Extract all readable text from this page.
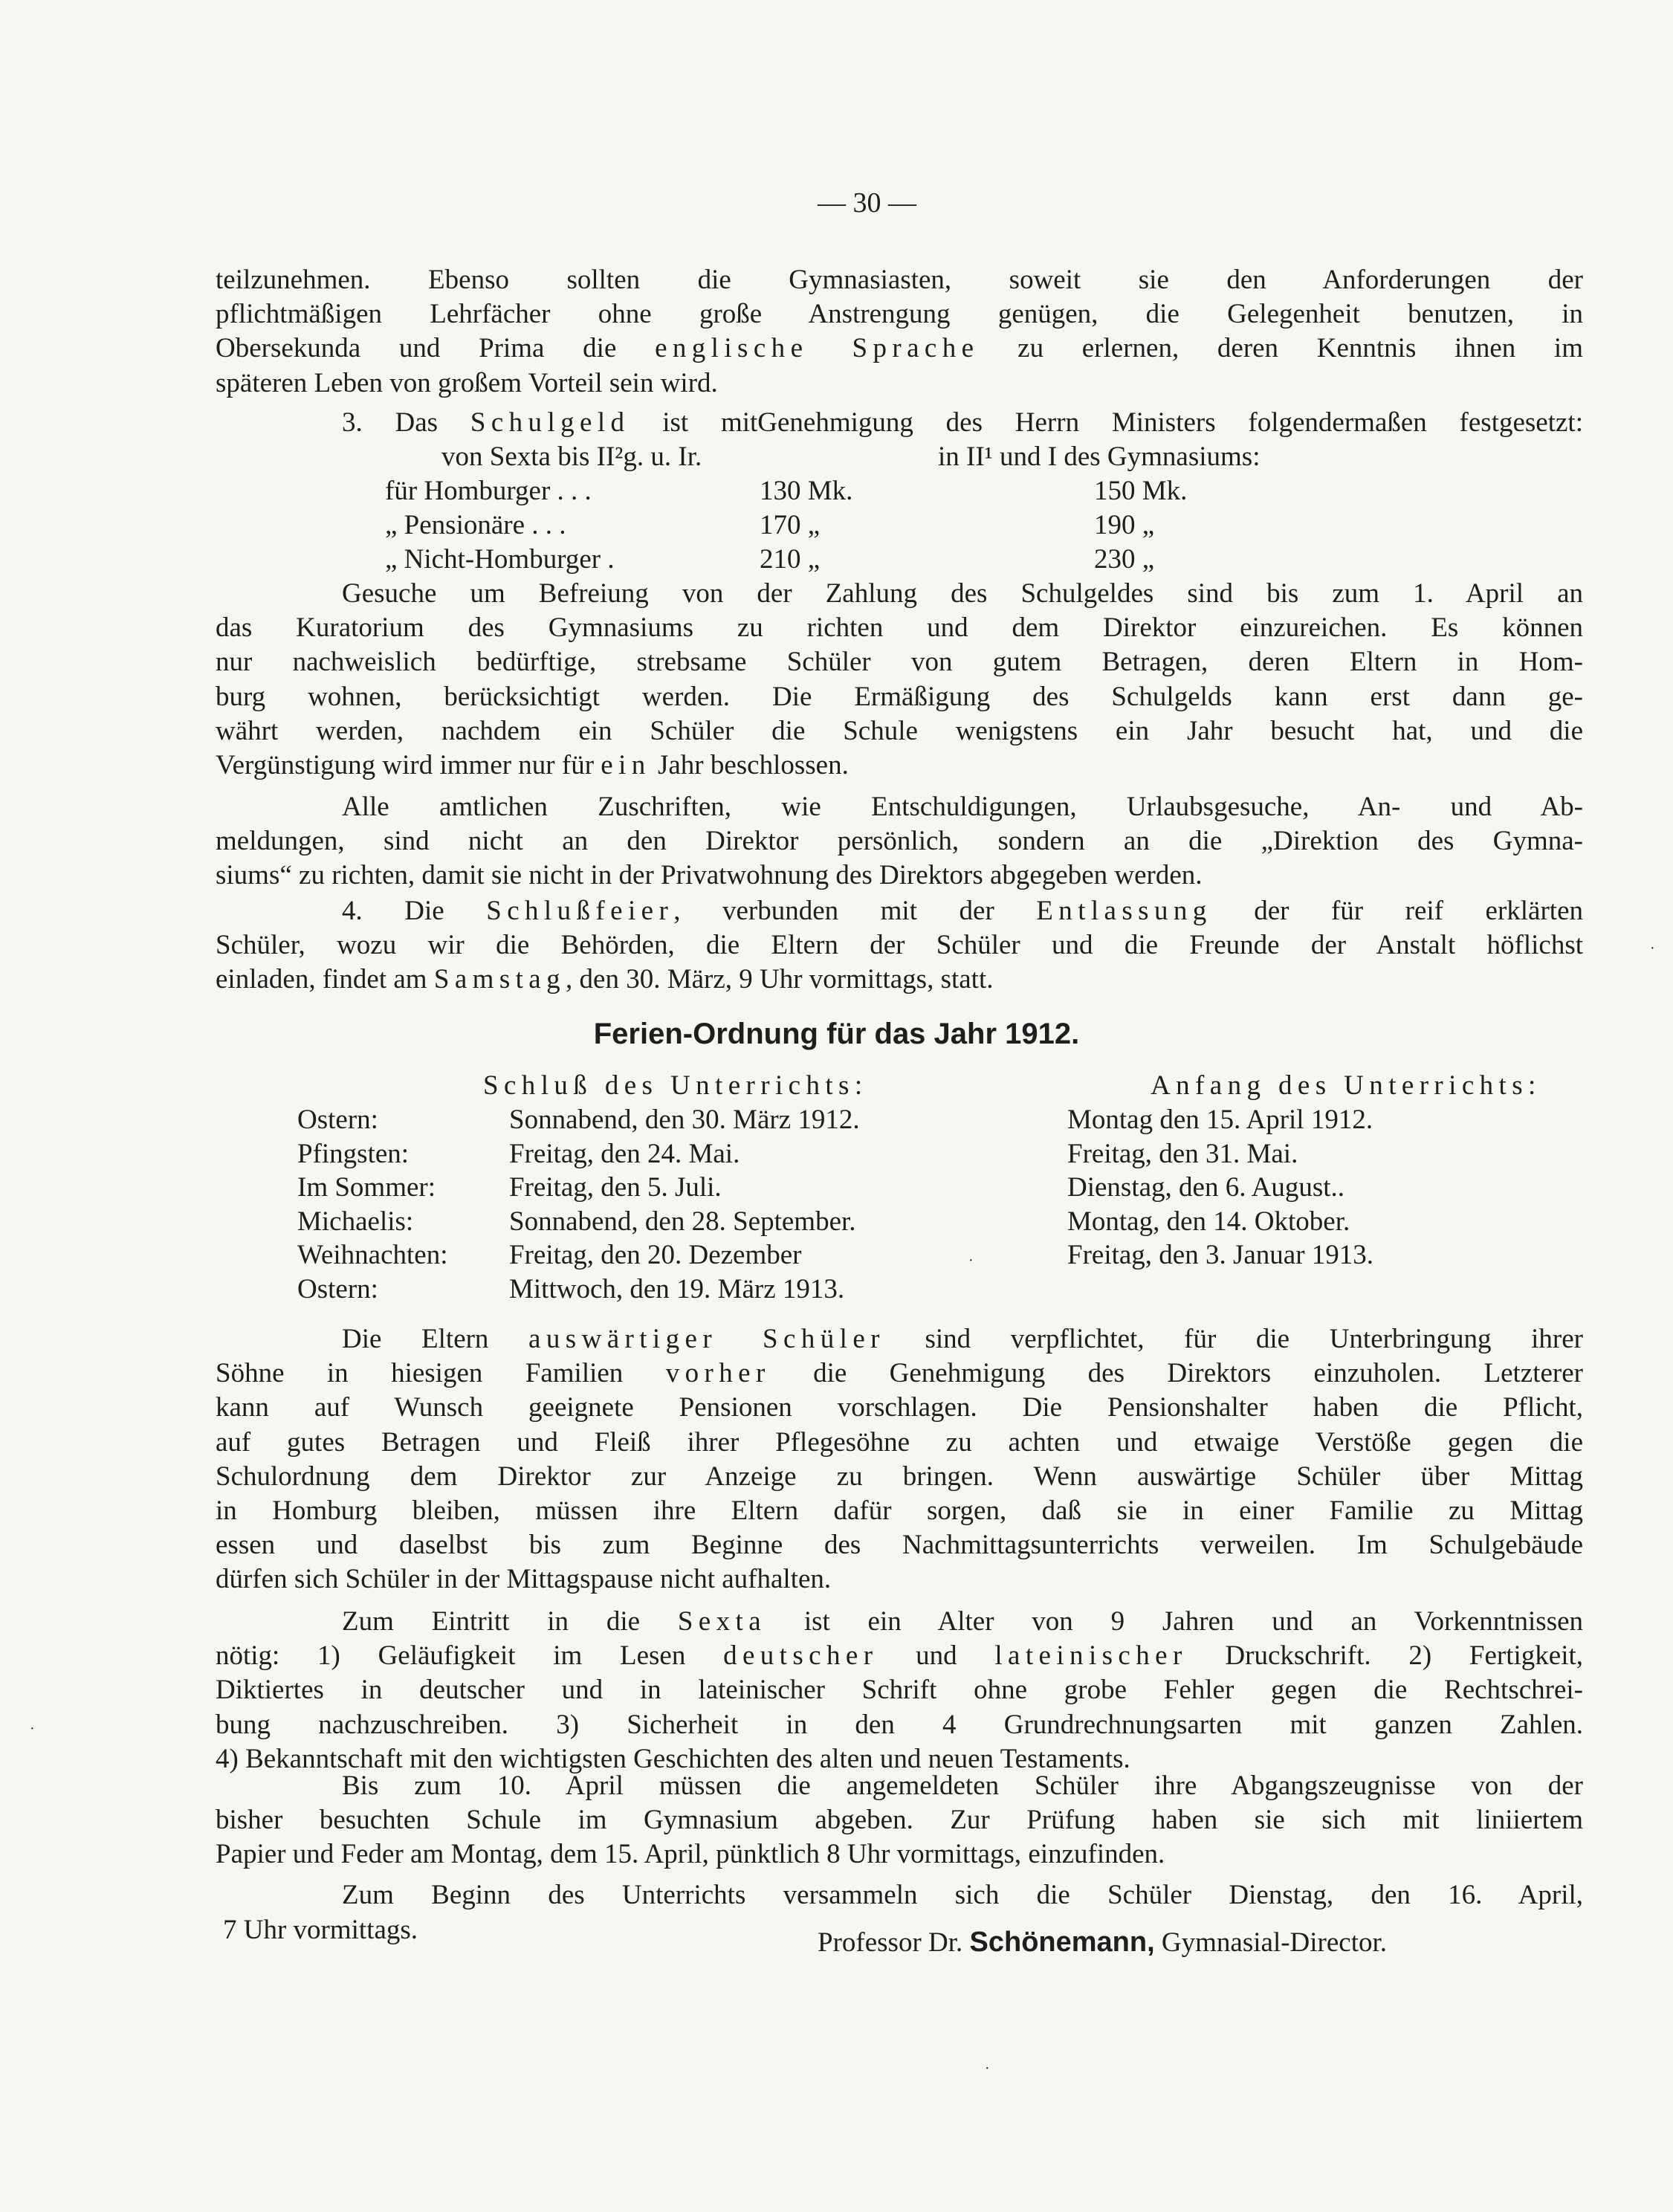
— 30 —
teilzunehmen. Ebenso sollten die Gymnasiasten, soweit sie den Anforderungen der
pflichtmäßigen Lehrfächer ohne große Anstrengung genügen, die Gelegenheit benutzen, in
Obersekunda und Prima die englische Sprache zu erlernen, deren Kenntnis ihnen im
späteren Leben von großem Vorteil sein wird.
3. Das Schulgeld ist mitGenehmigung des Herrn Ministers folgendermaßen festgesetzt:
Gesuche um Befreiung von der Zahlung des Schulgeldes sind bis zum 1. April an
das Kuratorium des Gymnasiums zu richten und dem Direktor einzureichen. Es können
nur nachweislich bedürftige, strebsame Schüler von gutem Betragen, deren Eltern in Hom-
burg wohnen, berücksichtigt werden. Die Ermäßigung des Schulgelds kann erst dann ge-
währt werden, nachdem ein Schüler die Schule wenigstens ein Jahr besucht hat, und die
Vergünstigung wird immer nur für ein Jahr beschlossen.
Alle amtlichen Zuschriften, wie Entschuldigungen, Urlaubsgesuche, An- und Ab-
meldungen, sind nicht an den Direktor persönlich, sondern an die „Direktion des Gymna-
siums“ zu richten, damit sie nicht in der Privatwohnung des Direktors abgegeben werden.
4. Die Schlußfeier, verbunden mit der Entlassung der für reif erklärten
Schüler, wozu wir die Behörden, die Eltern der Schüler und die Freunde der Anstalt höflichst
einladen, findet am Samstag, den 30. März, 9 Uhr vormittags, statt.
Die Eltern auswärtiger Schüler sind verpflichtet, für die Unterbringung ihrer
Söhne in hiesigen Familien vorher die Genehmigung des Direktors einzuholen. Letzterer
kann auf Wunsch geeignete Pensionen vorschlagen. Die Pensionshalter haben die Pflicht,
auf gutes Betragen und Fleiß ihrer Pflegesöhne zu achten und etwaige Verstöße gegen die
Schulordnung dem Direktor zur Anzeige zu bringen. Wenn auswärtige Schüler über Mittag
in Homburg bleiben, müssen ihre Eltern dafür sorgen, daß sie in einer Familie zu Mittag
essen und daselbst bis zum Beginne des Nachmittagsunterrichts verweilen. Im Schulgebäude
dürfen sich Schüler in der Mittagspause nicht aufhalten.
Zum Eintritt in die Sexta ist ein Alter von 9 Jahren und an Vorkenntnissen
nötig: 1) Geläufigkeit im Lesen deutscher und lateinischer Druckschrift. 2) Fertigkeit,
Diktiertes in deutscher und in lateinischer Schrift ohne grobe Fehler gegen die Rechtschrei-
bung nachzuschreiben. 3) Sicherheit in den 4 Grundrechnungsarten mit ganzen Zahlen.
4) Bekanntschaft mit den wichtigsten Geschichten des alten und neuen Testaments.
Bis zum 10. April müssen die angemeldeten Schüler ihre Abgangszeugnisse von der
bisher besuchten Schule im Gymnasium abgeben. Zur Prüfung haben sie sich mit liniiertem
Papier und Feder am Montag, dem 15. April, pünktlich 8 Uhr vormittags, einzufinden.
Zum Beginn des Unterrichts versammeln sich die Schüler Dienstag, den 16. April,
Ferien-Ordnung für das Jahr 1912.
Schluß des Unterrichts:	Anfang des Unterrichts:
Ostern:	Sonnabend, den 30. März 1912.	Montag den 15. April 1912.
Pfingsten:	Freitag, den 24. Mai.	Freitag, den 31. Mai.
Im Sommer:	Freitag, den 5. Juli.	Dienstag, den 6. August..
Michaelis:	Sonnabend, den 28. September.	Montag, den 14. Oktober.
Weihnachten: Freitag, den 20. Dezember	Freitag, den 3. Januar 1913.
Ostern:	Mittwoch, den 19. März 1913.
von Sexta bis II²g. u. Ir.	in II¹ und I des Gymnasiums:
für Homburger . . .	130 Mk.	150 Mk.
„ Pensionäre . . .	170 „	190 „
„ Nicht-Homburger .	210 „	230 „
7 Uhr vormittags.	Professor Dr. Schönemann, Gymnasial-Director.
·
·
·
·
